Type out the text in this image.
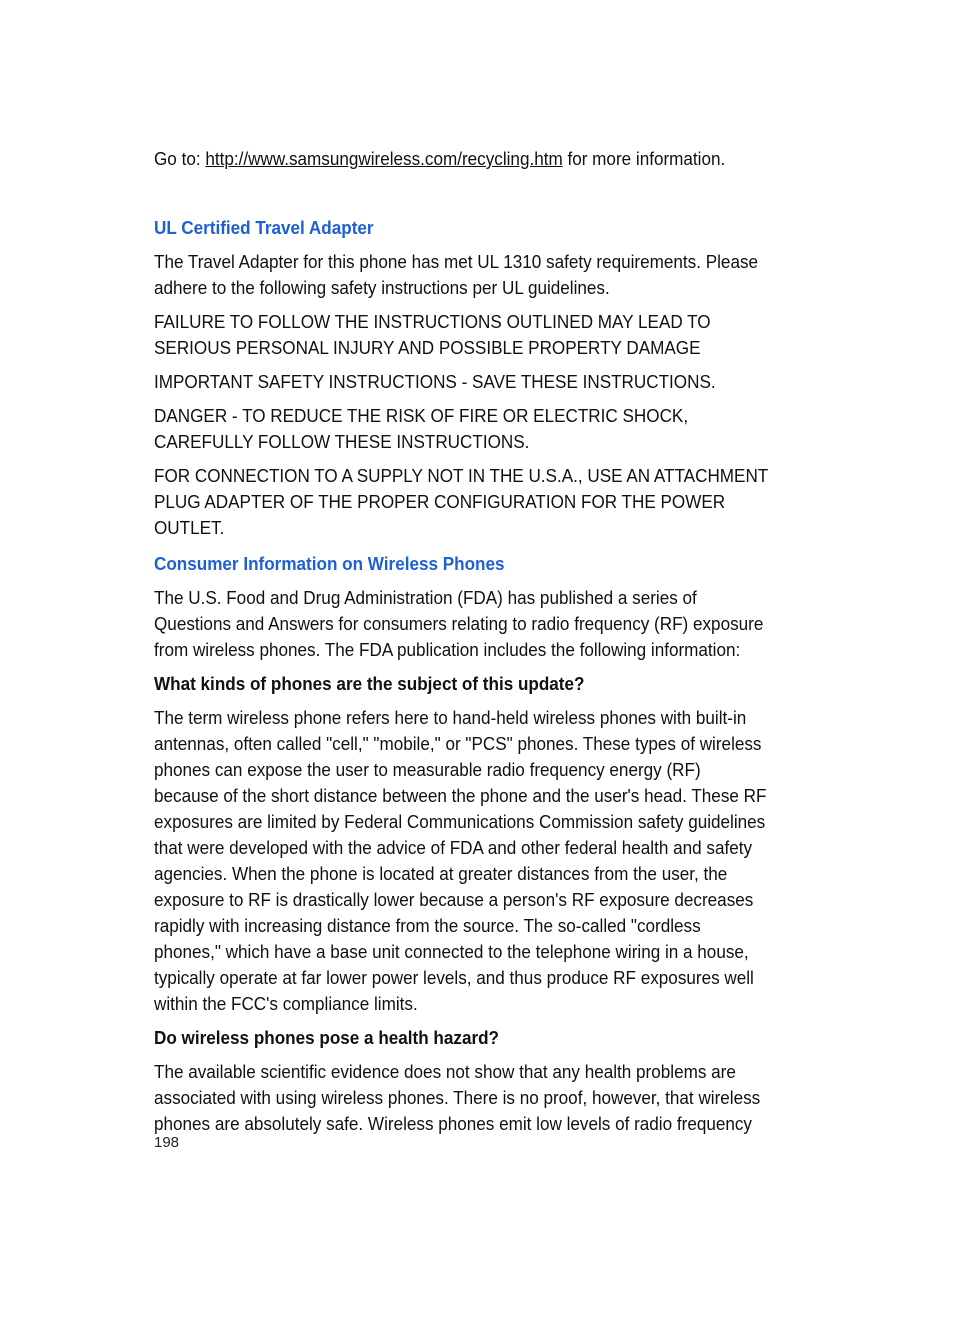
Go to: http://www.samsungwireless.com/recycling.htm for more information.

UL Certified Travel Adapter

The Travel Adapter for this phone has met UL 1310 safety requirements. Please adhere to the following safety instructions per UL guidelines.

FAILURE TO FOLLOW THE INSTRUCTIONS OUTLINED MAY LEAD TO SERIOUS PERSONAL INJURY AND POSSIBLE PROPERTY DAMAGE

IMPORTANT SAFETY INSTRUCTIONS - SAVE THESE INSTRUCTIONS.

DANGER - TO REDUCE THE RISK OF FIRE OR ELECTRIC SHOCK, CAREFULLY FOLLOW THESE INSTRUCTIONS.

FOR CONNECTION TO A SUPPLY NOT IN THE U.S.A., USE AN ATTACHMENT PLUG ADAPTER OF THE PROPER CONFIGURATION FOR THE POWER OUTLET.

Consumer Information on Wireless Phones

The U.S. Food and Drug Administration (FDA) has published a series of Questions and Answers for consumers relating to radio frequency (RF) exposure from wireless phones. The FDA publication includes the following information:

What kinds of phones are the subject of this update?

The term wireless phone refers here to hand-held wireless phones with built-in antennas, often called "cell," "mobile," or "PCS" phones. These types of wireless phones can expose the user to measurable radio frequency energy (RF) because of the short distance between the phone and the user's head. These RF exposures are limited by Federal Communications Commission safety guidelines that were developed with the advice of FDA and other federal health and safety agencies. When the phone is located at greater distances from the user, the exposure to RF is drastically lower because a person's RF exposure decreases rapidly with increasing distance from the source. The so-called "cordless phones," which have a base unit connected to the telephone wiring in a house, typically operate at far lower power levels, and thus produce RF exposures well within the FCC's compliance limits.

Do wireless phones pose a health hazard?

The available scientific evidence does not show that any health problems are associated with using wireless phones. There is no proof, however, that wireless phones are absolutely safe. Wireless phones emit low levels of radio frequency

198
